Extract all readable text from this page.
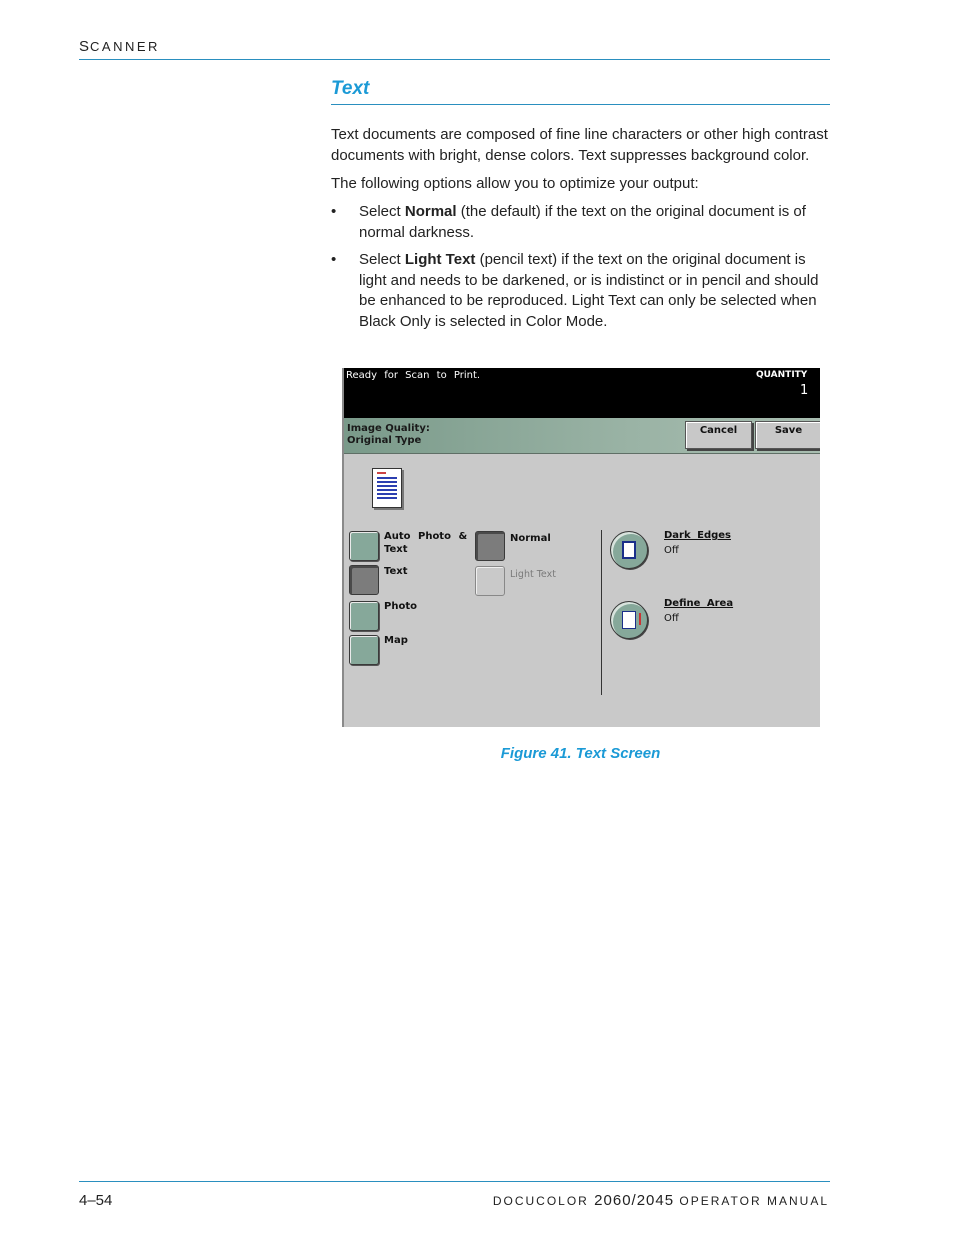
SCANNER
Text
Text documents are composed of fine line characters or other high contrast documents with bright, dense colors. Text suppresses background color.
The following options allow you to optimize your output:
• Select Normal (the default) if the text on the original document is of normal darkness.
• Select Light Text (pencil text) if the text on the original document is light and needs to be darkened, or is indistinct or in pencil and should be enhanced to be reproduced. Light Text can only be selected when Black Only is selected in Color Mode.
Ready for Scan to Print.	QUANTITY
1
Image Quality:
Original Type
Cancel	Save
Auto Photo &
Text
Text
Photo
Map
Normal
Light Text
Dark Edges
Off
Define Area
Off
Figure 41. Text Screen
4–54	DOCUCOLOR 2060/2045 OPERATOR MANUAL
